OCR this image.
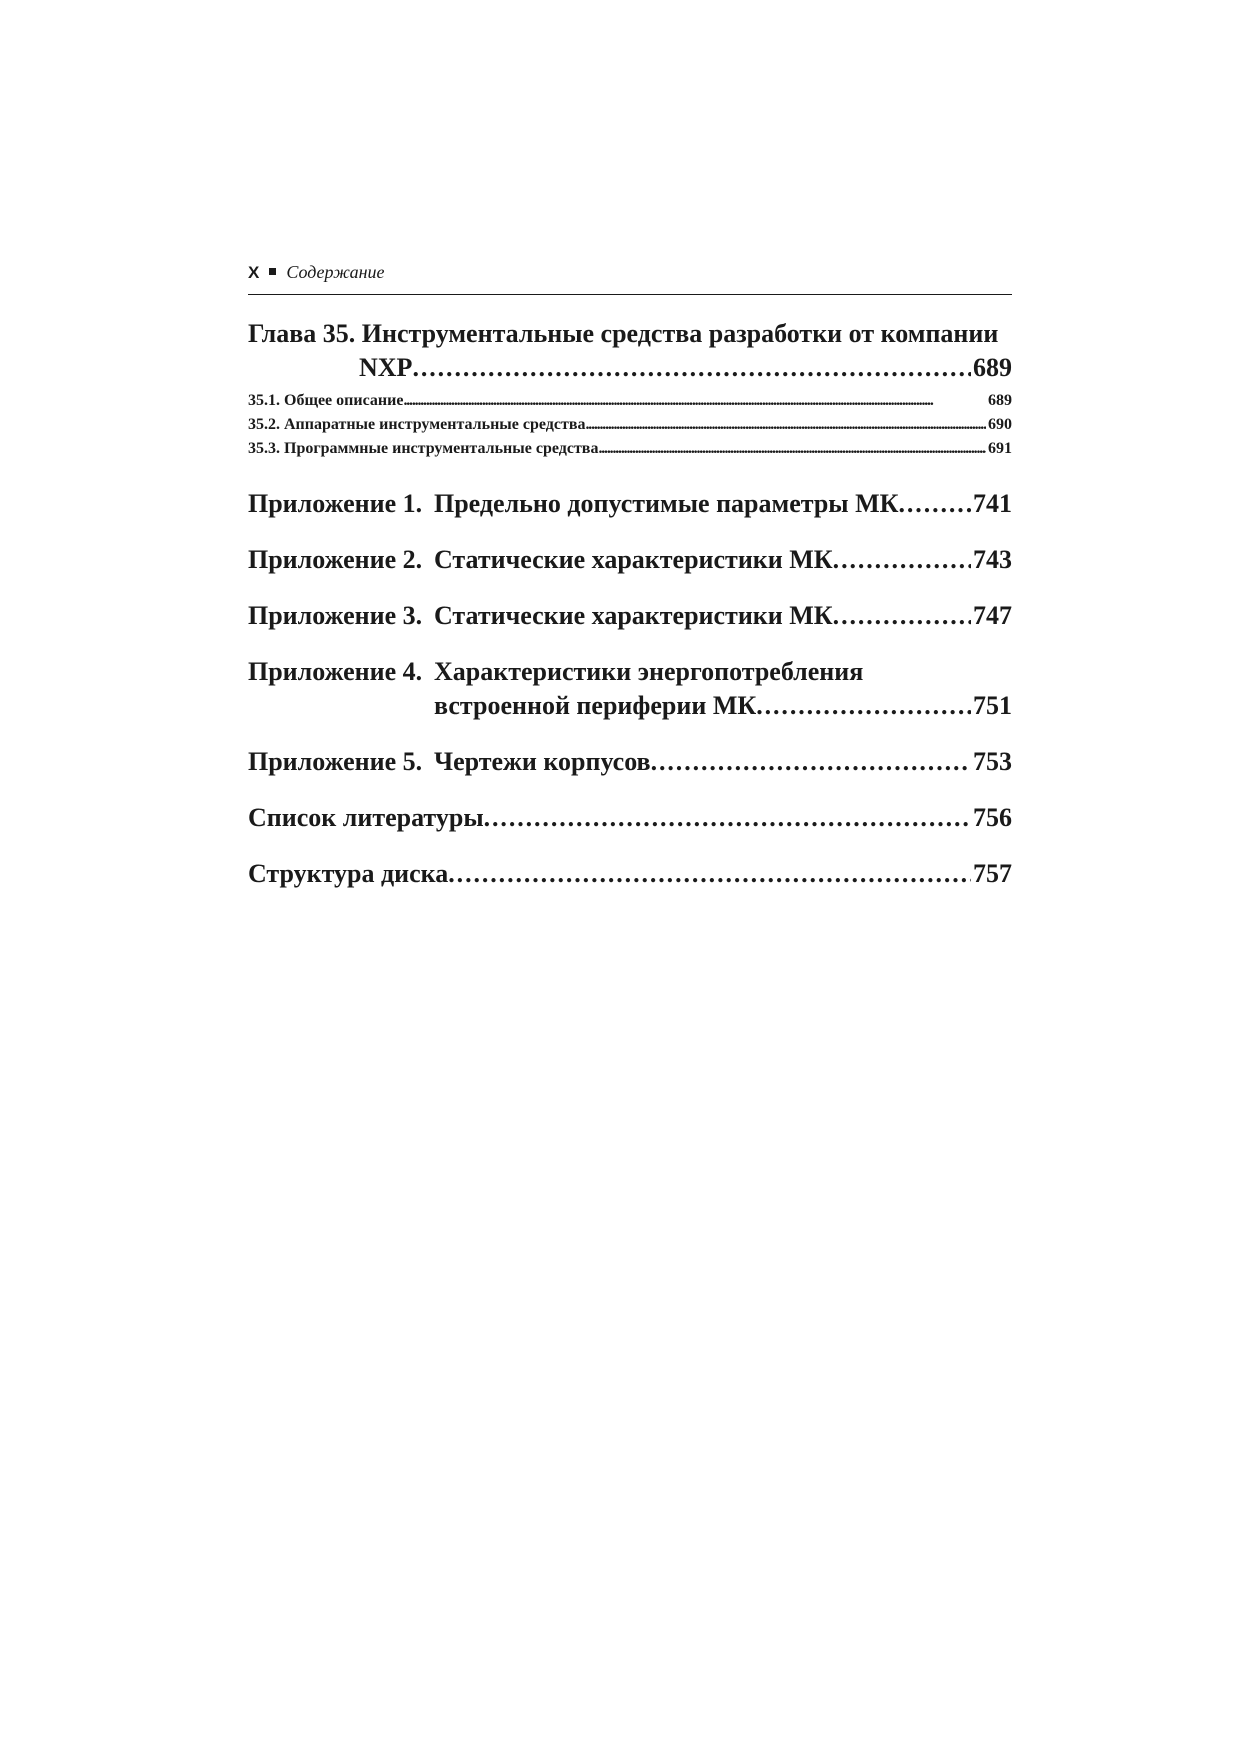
X Содержание
Глава 35. Инструментальные средства разработки от компании
NXP . . .	689
35.1. Общее описание . . .	689
35.2. Аппаратные инструментальные средства . . .	690
35.3. Программные инструментальные средства . . .	691
Приложение 1. Предельно допустимые параметры МК . . .	741
Приложение 2. Статические характеристики МК . . .	743
Приложение 3. Статические характеристики МК . . .	747
Приложение 4. Характеристики энергопотребления
встроенной периферии МК . . .	751
Приложение 5. Чертежи корпусов . . .	753
Список литературы . . .	756
Структура диска . . .	757
